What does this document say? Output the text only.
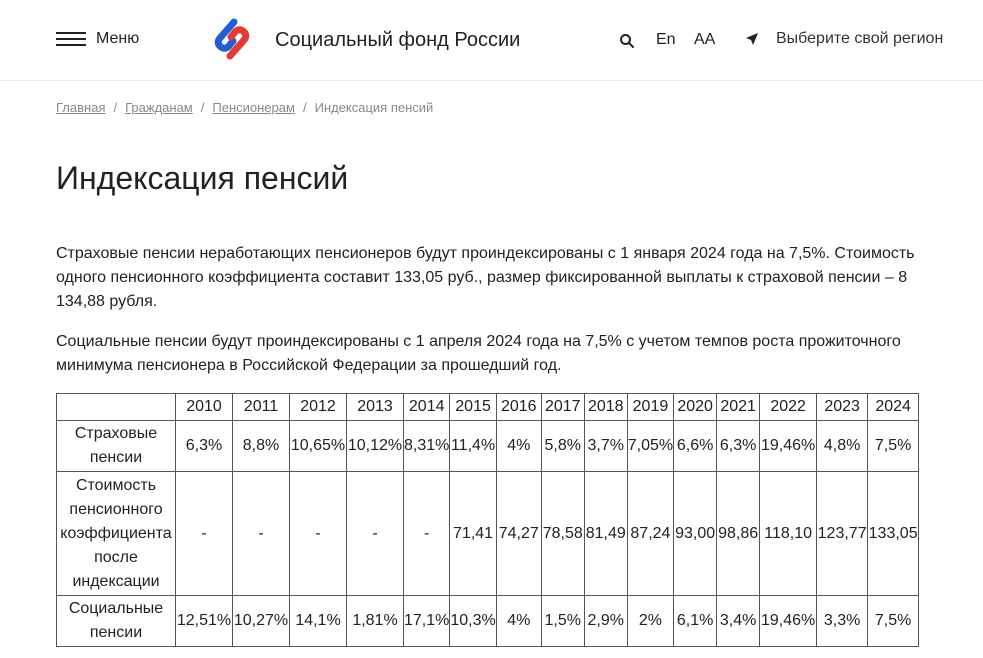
Меню	Социальный фонд России	En AA	Выберите свой регион
Главная / Гражданам / Пенсионерам / Индексация пенсий
Индексация пенсий

Страховые пенсии неработающих пенсионеров будут проиндексированы с 1 января 2024 года на 7,5%. Стоимость одного пенсионного коэффициента составит 133,05 руб., размер фиксированной выплаты к страховой пенсии – 8 134,88 рубля.

Социальные пенсии будут проиндексированы с 1 апреля 2024 года на 7,5% с учетом темпов роста прожиточного минимума пенсионера в Российской Федерации за прошедший год.

	2010	2011	2012	2013	2014	2015	2016	2017	2018	2019	2020	2021	2022	2023	2024
Страховые пенсии	6,3%	8,8%	10,65%	10,12%	8,31%	11,4%	4%	5,8%	3,7%	7,05%	6,6%	6,3%	19,46%	4,8%	7,5%
Стоимость пенсионного коэффициента после индексации	-	-	-	-	-	71,41	74,27	78,58	81,49	87,24	93,00	98,86	118,10	123,77	133,05
Социальные пенсии	12,51%	10,27%	14,1%	1,81%	17,1%	10,3%	4%	1,5%	2,9%	2%	6,1%	3,4%	19,46%	3,3%	7,5%
